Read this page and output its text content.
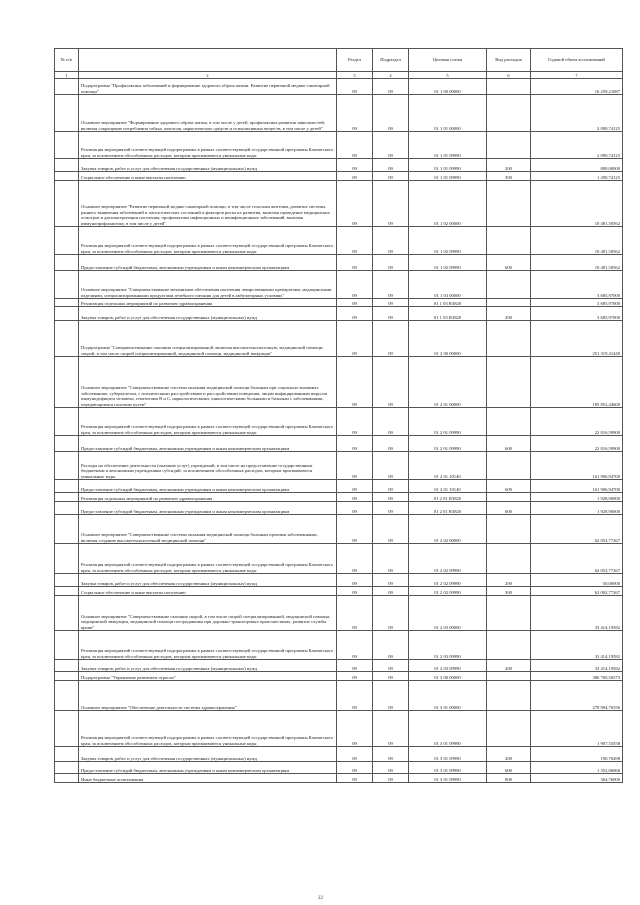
№ п/п		Раздел	Подраздел	Целевая статья	Вид расходов	Годовой объем ассигнований
1	2	3	4	5	6	7
	Подпрограмма "Профилактика заболеваний и формирование здорового образа жизни. Развитие первичной медико-санитарной помощи"	09	09	01 1 00 00000		16 259,21087
	Основное мероприятие "Формирование здорового образа жизни, в том числе у детей, профилактика развития зависимостей, включая сокращение потребления табака, алкоголя, наркотических средств и психоактивных веществ, в том числе у детей"	09	09	01 1 01 00000		2 090,74125
	Реализация мероприятий соответствующей подпрограммы в рамках соответствующей государственной программы Камчатского края, за исключением обособленных расходов, которым присваиваются уникальные коды	09	09	01 1 01 09990		2 090,74125
	Закупка товаров, работ и услуг для обеспечения государственных (муниципальных) нужд	09	09	01 1 01 09990	200	800,00000
	Социальное обеспечение и иные выплаты населению	09	09	01 1 01 09990	300	1 290,74125
	Основное мероприятие "Развитие первичной медико-санитарной помощи, в том числе сельским жителям, развитие системы раннего выявления заболеваний и патологических состояний и факторов риска их развития, включая проведение медицинских осмотров и диспансеризации населения, профилактика инфекционных и неинфекционных заболеваний, включая иммунопрофилактику, в том числе у детей"	09	09	01 1 02 00000		10 481,50562
	Реализация мероприятий соответствующей подпрограммы в рамках соответствующей государственной программы Камчатского края, за исключением обособленных расходов, которым присваиваются уникальные коды	09	09	01 1 02 09990		10 481,50562
	Предоставление субсидий бюджетным, автономным учреждениям и иным некоммерческим организациям	09	09	01 1 02 09990	600	10 481,50562
	Основное мероприятие "Совершенствование механизмов обеспечения населения лекарственными препаратами, медицинскими изделиями, специализированными продуктами лечебного питания для детей в амбулаторных условиях"	09	09	01 1 03 00000		3 685,97000
	Реализация отдельных мероприятий по развитию здравоохранения	09	09	01 1 03 R3820		3 685,97000
	Закупка товаров, работ и услуг для обеспечения государственных (муниципальных) нужд	09	09	01 1 03 R3820	200	3 685,97000
	Подпрограмма "Совершенствование оказания специализированной, включая высокотехнологичную, медицинской помощи, скорой, в том числе скорой специализированной, медицинской помощи, медицинской эвакуации"	09	09	01 2 00 00000		251 319,41449
	Основное мероприятие "Совершенствование системы оказания медицинской помощи больным при социально-значимых заболеваниях: туберкулезом, с психическими расстройствами и расстройствами поведения, лицам инфицированным вирусом иммунодефицита человека, гепатитами B и C, наркологическими, онкологическими больными и больным с заболеваниями, передающимися половым путем"	09	09	01 2 01 00000		185 852,44600
	Реализация мероприятий соответствующей подпрограммы в рамках соответствующей государственной программы Камчатского края, за исключением обособленных расходов, которым присваиваются уникальные коды	09	09	01 2 01 09990		22 016,59900
	Предоставление субсидий бюджетным, автономным учреждениям и иным некоммерческим организациям	09	09	01 2 01 09990	600	22 016,59900
	Расходы на обеспечение деятельности (оказание услуг) учреждений, в том числе на предоставление государственным бюджетным и автономным учреждениям субсидий, за исключением обособленных расходов, которым присваиваются уникальные коды	09	09	01 2 01 10140		161 906,94700
	Предоставление субсидий бюджетным, автономным учреждениям и иным некоммерческим организациям	09	09	01 2 01 10140	600	161 906,94700
	Реализация отдельных мероприятий по развитию здравоохранения	09	09	01 2 01 R3820		1 928,90000
	Предоставление субсидий бюджетным, автономным учреждениям и иным некоммерческим организациям	09	09	01 2 01 R3820	600	1 928,90000
	Основное мероприятие "Совершенствование системы оказания медицинской помощи больным прочими заболеваниями, включая создание высокотехнологичной медицинской помощи"	09	09	01 2 02 00000		62 052,77267
	Реализация мероприятий соответствующей подпрограммы в рамках соответствующей государственной программы Камчатского края, за исключением обособленных расходов, которым присваиваются уникальные коды	09	09	01 2 02 09990		62 052,77267
	Закупка товаров, работ и услуг для обеспечения государственных (муниципальных) нужд	09	09	01 2 02 09990	200	50,00000
	Социальное обеспечение и иные выплаты населению	09	09	01 2 02 09990	300	62 002,77267
	Основное мероприятие "Совершенствование оказания скорой, в том числе скорой специализированной, медицинской помощи, медицинской эвакуации, медицинской помощи пострадавшим при дорожно-транспортных происшествиях, развитие службы крови"	09	09	01 2 03 00000		33 414,19582
	Реализация мероприятий соответствующей подпрограммы в рамках соответствующей государственной программы Камчатского края, за исключением обособленных расходов, которым присваиваются уникальные коды	09	09	01 2 03 09990		33 414,19582
	Закупка товаров, работ и услуг для обеспечения государственных (муниципальных) нужд	09	09	01 2 03 09990	200	33 414,19582
	Подпрограмма "Управление развитием отрасли"	09	09	01 3 00 00000		386 700,56573
	Основное мероприятие "Обеспечение деятельности системы здравоохранения"	09	09	01 3 01 00000		278 994,76556
	Реализация мероприятий соответствующей подпрограммы в рамках соответствующей государственной программы Камчатского края, за исключением обособленных расходов, которым присваиваются уникальные коды	09	09	01 3 01 09990		1 907,53558
	Закупка товаров, работ и услуг для обеспечения государственных (муниципальных) нужд	09	09	01 3 01 09990	200	190,70498
	Предоставление субсидий бюджетным, автономным учреждениям и иным некоммерческим организациям	09	09	01 3 01 09990	600	1 352,06060
	Иные бюджетные ассигнования	09	09	01 3 01 09990	800	364,76000
22
